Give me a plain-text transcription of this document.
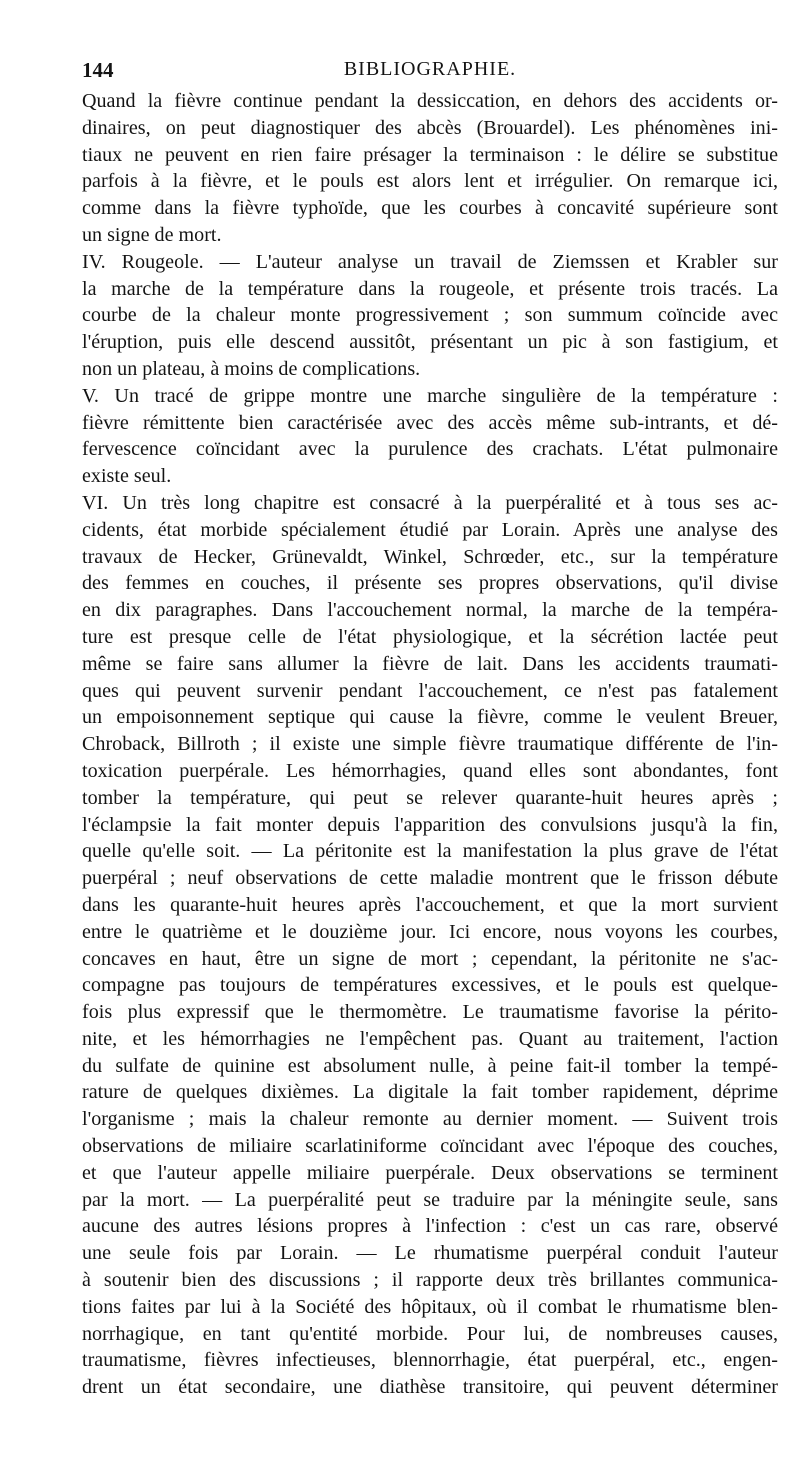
144	BIBLIOGRAPHIE.
Quand la fièvre continue pendant la dessiccation, en dehors des accidents or-
dinaires, on peut diagnostiquer des abcès (Brouardel). Les phénomènes ini-
tiaux ne peuvent en rien faire présager la terminaison : le délire se substitue
parfois à la fièvre, et le pouls est alors lent et irrégulier. On remarque ici,
comme dans la fièvre typhoïde, que les courbes à concavité supérieure sont
un signe de mort.
IV. Rougeole. — L'auteur analyse un travail de Ziemssen et Krabler sur
la marche de la température dans la rougeole, et présente trois tracés. La
courbe de la chaleur monte progressivement ; son summum coïncide avec
l'éruption, puis elle descend aussitôt, présentant un pic à son fastigium, et
non un plateau, à moins de complications.
V. Un tracé de grippe montre une marche singulière de la température :
fièvre rémittente bien caractérisée avec des accès même sub-intrants, et dé-
fervescence coïncidant avec la purulence des crachats. L'état pulmonaire
existe seul.
VI. Un très long chapitre est consacré à la puerpéralité et à tous ses ac-
cidents, état morbide spécialement étudié par Lorain. Après une analyse des
travaux de Hecker, Grünevaldt, Winkel, Schrœder, etc., sur la température
des femmes en couches, il présente ses propres observations, qu'il divise
en dix paragraphes. Dans l'accouchement normal, la marche de la tempéra-
ture est presque celle de l'état physiologique, et la sécrétion lactée peut
même se faire sans allumer la fièvre de lait. Dans les accidents traumati-
ques qui peuvent survenir pendant l'accouchement, ce n'est pas fatalement
un empoisonnement septique qui cause la fièvre, comme le veulent Breuer,
Chroback, Billroth ; il existe une simple fièvre traumatique différente de l'in-
toxication puerpérale. Les hémorrhagies, quand elles sont abondantes, font
tomber la température, qui peut se relever quarante-huit heures après ;
l'éclampsie la fait monter depuis l'apparition des convulsions jusqu'à la fin,
quelle qu'elle soit. — La péritonite est la manifestation la plus grave de l'état
puerpéral ; neuf observations de cette maladie montrent que le frisson débute
dans les quarante-huit heures après l'accouchement, et que la mort survient
entre le quatrième et le douzième jour. Ici encore, nous voyons les courbes,
concaves en haut, être un signe de mort ; cependant, la péritonite ne s'ac-
compagne pas toujours de températures excessives, et le pouls est quelque-
fois plus expressif que le thermomètre. Le traumatisme favorise la périto-
nite, et les hémorrhagies ne l'empêchent pas. Quant au traitement, l'action
du sulfate de quinine est absolument nulle, à peine fait-il tomber la tempé-
rature de quelques dixièmes. La digitale la fait tomber rapidement, déprime
l'organisme ; mais la chaleur remonte au dernier moment. — Suivent trois
observations de miliaire scarlatiniforme coïncidant avec l'époque des couches,
et que l'auteur appelle miliaire puerpérale. Deux observations se terminent
par la mort. — La puerpéralité peut se traduire par la méningite seule, sans
aucune des autres lésions propres à l'infection : c'est un cas rare, observé
une seule fois par Lorain. — Le rhumatisme puerpéral conduit l'auteur
à soutenir bien des discussions ; il rapporte deux très brillantes communica-
tions faites par lui à la Société des hôpitaux, où il combat le rhumatisme blen-
norrhagique, en tant qu'entité morbide. Pour lui, de nombreuses causes,
traumatisme, fièvres infectieuses, blennorrhagie, état puerpéral, etc., engen-
drent un état secondaire, une diathèse transitoire, qui peuvent déterminer
